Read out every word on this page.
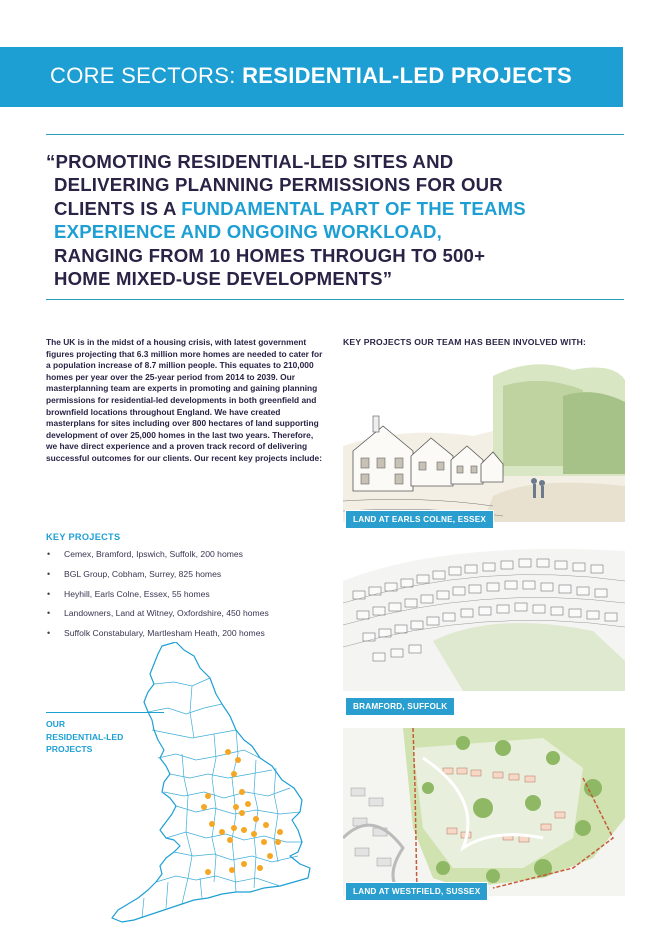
CORE SECTORS: RESIDENTIAL-LED PROJECTS
“PROMOTING RESIDENTIAL-LED SITES AND
DELIVERING PLANNING PERMISSIONS FOR OUR
CLIENTS IS A FUNDAMENTAL PART OF THE TEAMS
EXPERIENCE AND ONGOING WORKLOAD,
RANGING FROM 10 HOMES THROUGH TO 500+
HOME MIXED-USE DEVELOPMENTS”
The UK is in the midst of a housing crisis, with latest government figures projecting that 6.3 million more homes are needed to cater for a population increase of 8.7 million people. This equates to 210,000 homes per year over the 25-year period from 2014 to 2039. Our masterplanning team are experts in promoting and gaining planning permissions for residential-led developments in both greenfield and brownfield locations throughout England. We have created masterplans for sites including over 800 hectares of land supporting development of over 25,000 homes in the last two years. Therefore, we have direct experience and a proven track record of delivering successful outcomes for our clients. Our recent key projects include:
KEY PROJECTS
• Cemex, Bramford, Ipswich, Suffolk, 200 homes
• BGL Group, Cobham, Surrey, 825 homes
• Heyhill, Earls Colne, Essex, 55 homes
• Landowners, Land at Witney, Oxfordshire, 450 homes
• Suffolk Constabulary, Martlesham Heath, 200 homes
OUR
RESIDENTIAL-LED
PROJECTS
KEY PROJECTS OUR TEAM HAS BEEN INVOLVED WITH:
LAND AT EARLS COLNE, ESSEX
BRAMFORD, SUFFOLK
LAND AT WESTFIELD, SUSSEX
